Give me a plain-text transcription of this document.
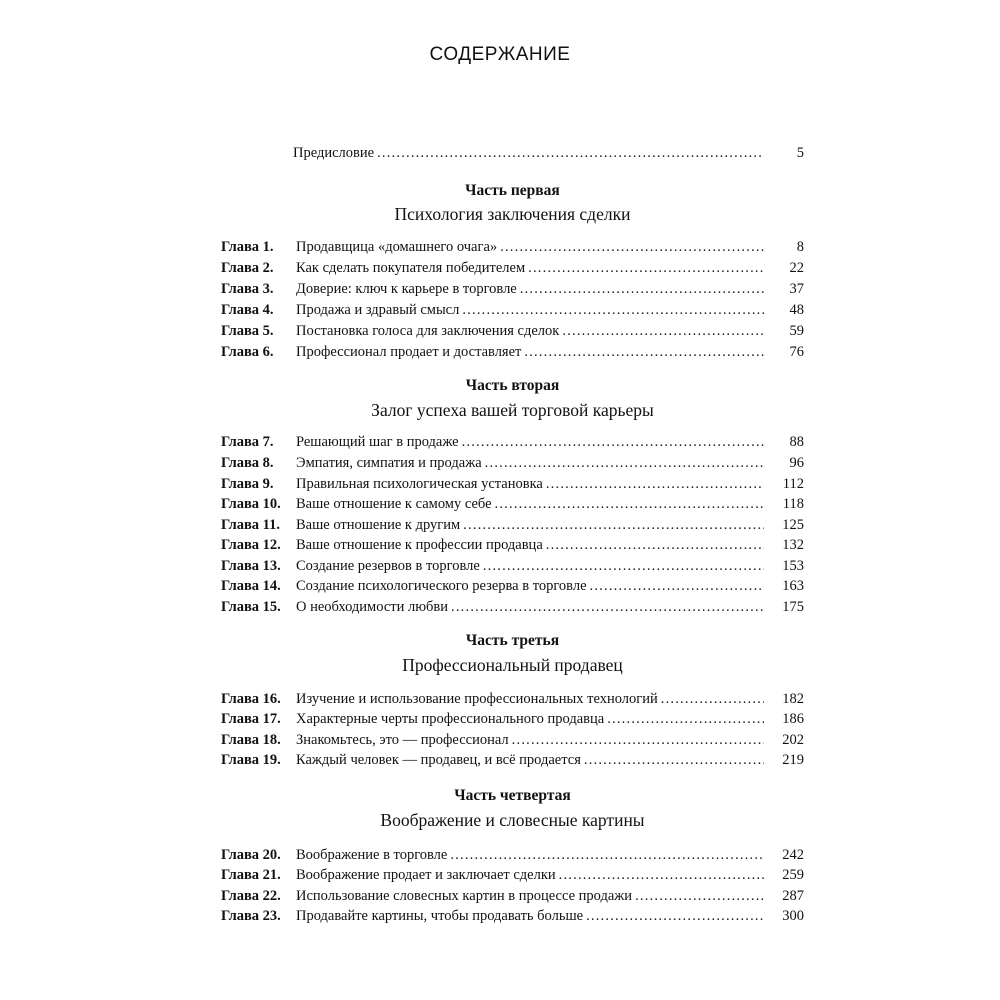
СОДЕРЖАНИЕ
Предисловие .....	5
Часть первая
Психология заключения сделки
Глава 1.	Продавщица «домашнего очага» .....	8
Глава 2.	Как сделать покупателя победителем .....	22
Глава 3.	Доверие: ключ к карьере в торговле .....	37
Глава 4.	Продажа и здравый смысл .....	48
Глава 5.	Постановка голоса для заключения сделок .....	59
Глава 6.	Профессионал продает и доставляет .....	76
Часть вторая
Залог успеха вашей торговой карьеры
Глава 7.	Решающий шаг в продаже .....	88
Глава 8.	Эмпатия, симпатия и продажа .....	96
Глава 9.	Правильная психологическая установка .....	112
Глава 10.	Ваше отношение к самому себе .....	118
Глава 11.	Ваше отношение к другим .....	125
Глава 12.	Ваше отношение к профессии продавца .....	132
Глава 13.	Создание резервов в торговле .....	153
Глава 14.	Создание психологического резерва в торговле .....	163
Глава 15.	О необходимости любви .....	175
Часть третья
Профессиональный продавец
Глава 16.	Изучение и использование профессиональных технологий .....	182
Глава 17.	Характерные черты профессионального продавца .....	186
Глава 18.	Знакомьтесь, это — профессионал .....	202
Глава 19.	Каждый человек — продавец, и всё продается .....	219
Часть четвертая
Воображение и словесные картины
Глава 20.	Воображение в торговле .....	242
Глава 21.	Воображение продает и заключает сделки .....	259
Глава 22.	Использование словесных картин в процессе продажи .....	287
Глава 23.	Продавайте картины, чтобы продавать больше .....	300
